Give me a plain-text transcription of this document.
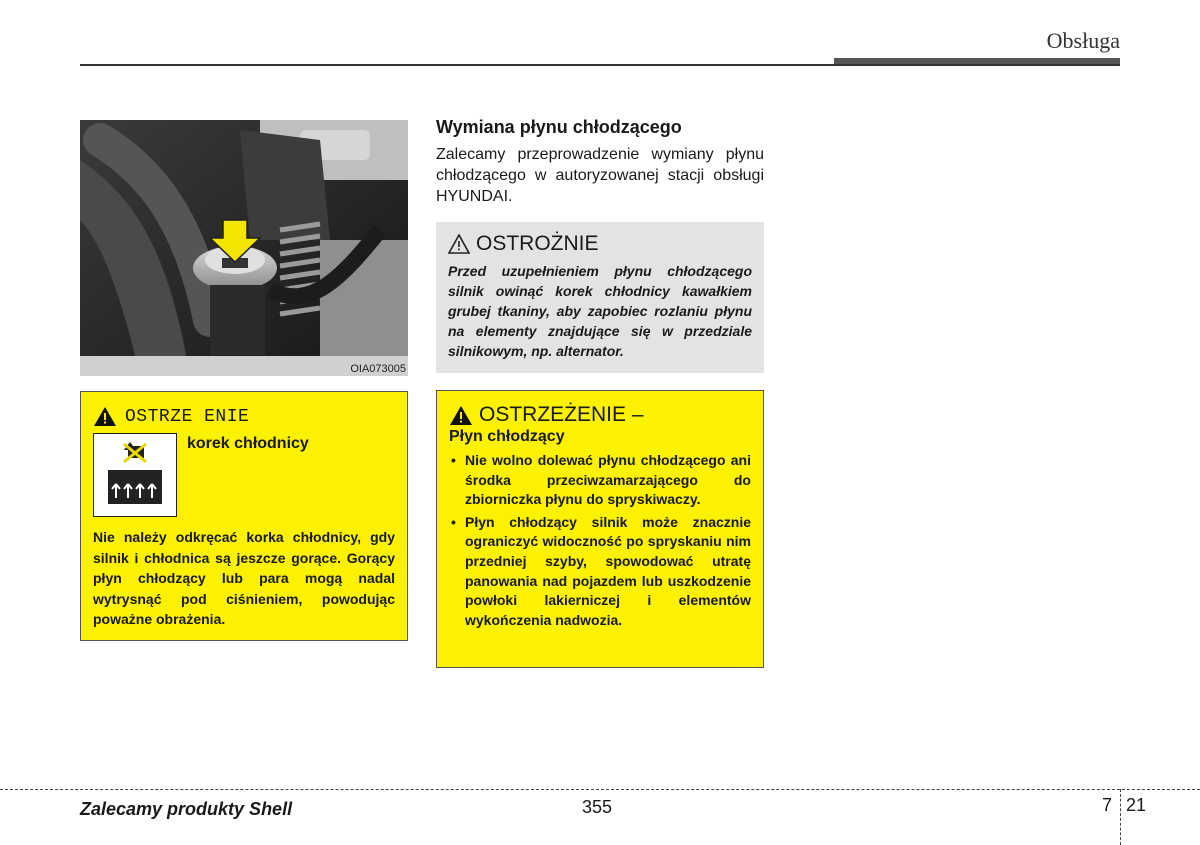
Obsługa
OIA073005
Wymiana płynu chłodzącego
Zalecamy przeprowadzenie wymiany płynu chłodzącego w autoryzowanej stacji obsługi HYUNDAI.
OSTROŻNIE
Przed uzupełnieniem płynu chłodzącego silnik owinąć korek chłodnicy kawałkiem grubej tkaniny, aby zapobiec rozlaniu płynu na elementy znajdujące się w przedziale silnikowym, np. alternator.
OSTRZEŻENIE –
Płyn chłodzący
• Nie wolno dolewać płynu chłodzącego ani środka przeciwzamarzającego do zbiorniczka płynu do spryskiwaczy.
• Płyn chłodzący silnik może znacznie ograniczyć widoczność po spryskaniu nim przedniej szyby, spowodować utratę panowania nad pojazdem lub uszkodzenie powłoki lakierniczej i elementów wykończenia nadwozia.
OSTRZE ENIE
korek chłodnicy
Nie należy odkręcać korka chłodnicy, gdy silnik i chłodnica są jeszcze gorące. Gorący płyn chłodzący lub para mogą nadal wytrysnąć pod ciśnieniem, powodując poważne obrażenia.
Zalecamy produkty Shell	355	7 21
